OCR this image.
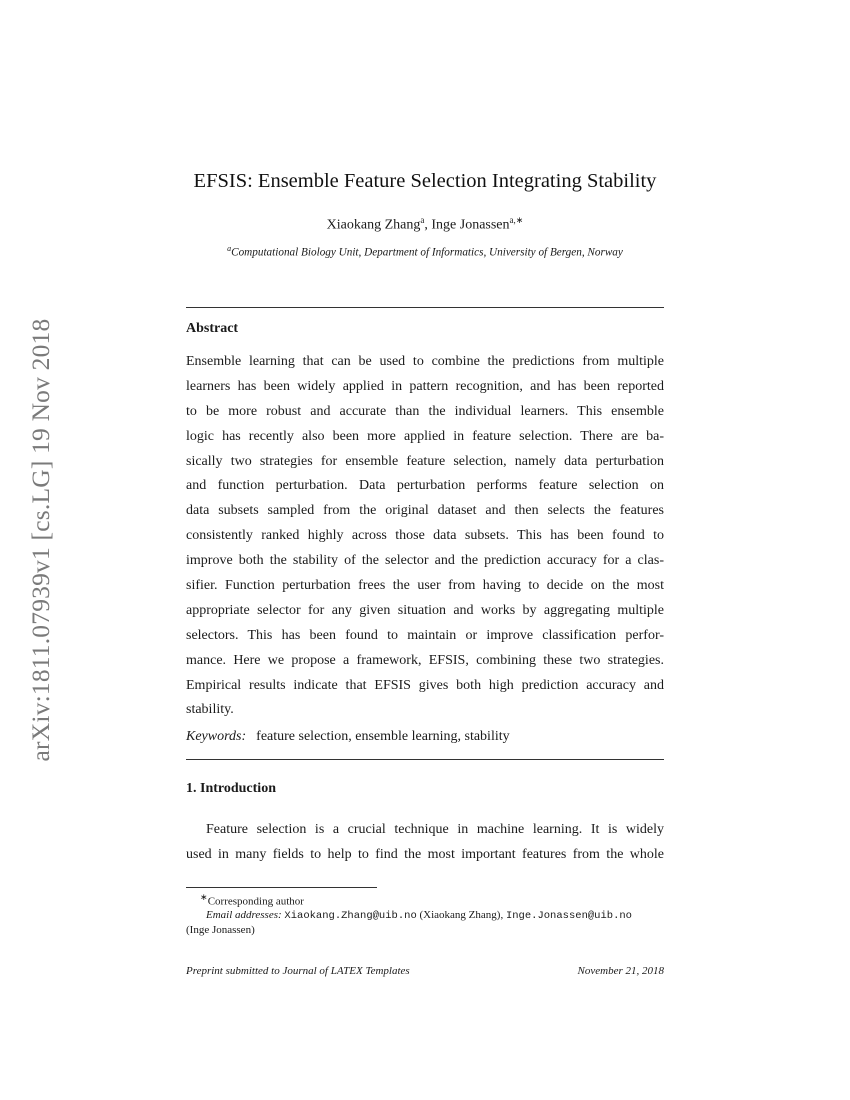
arXiv:1811.07939v1 [cs.LG] 19 Nov 2018
EFSIS: Ensemble Feature Selection Integrating Stability
Xiaokang Zhang$^a$, Inge Jonassen$^{a,∗}$
$^a$Computational Biology Unit, Department of Informatics, University of Bergen, Norway
Abstract
Ensemble learning that can be used to combine the predictions from multiple
learners has been widely applied in pattern recognition, and has been reported
to be more robust and accurate than the individual learners. This ensemble
logic has recently also been more applied in feature selection. There are ba-
sically two strategies for ensemble feature selection, namely data perturbation
and function perturbation. Data perturbation performs feature selection on
data subsets sampled from the original dataset and then selects the features
consistently ranked highly across those data subsets. This has been found to
improve both the stability of the selector and the prediction accuracy for a clas-
sifier. Function perturbation frees the user from having to decide on the most
appropriate selector for any given situation and works by aggregating multiple
selectors. This has been found to maintain or improve classification perfor-
mance. Here we propose a framework, EFSIS, combining these two strategies.
Empirical results indicate that EFSIS gives both high prediction accuracy and
stability.
Keywords: feature selection, ensemble learning, stability
1. Introduction
Feature selection is a crucial technique in machine learning. It is widely
used in many fields to help to find the most important features from the whole
∗Corresponding author
Email addresses: Xiaokang.Zhang@uib.no (Xiaokang Zhang), Inge.Jonassen@uib.no
(Inge Jonassen)
Preprint submitted to Journal of LATEX Templates	November 21, 2018
